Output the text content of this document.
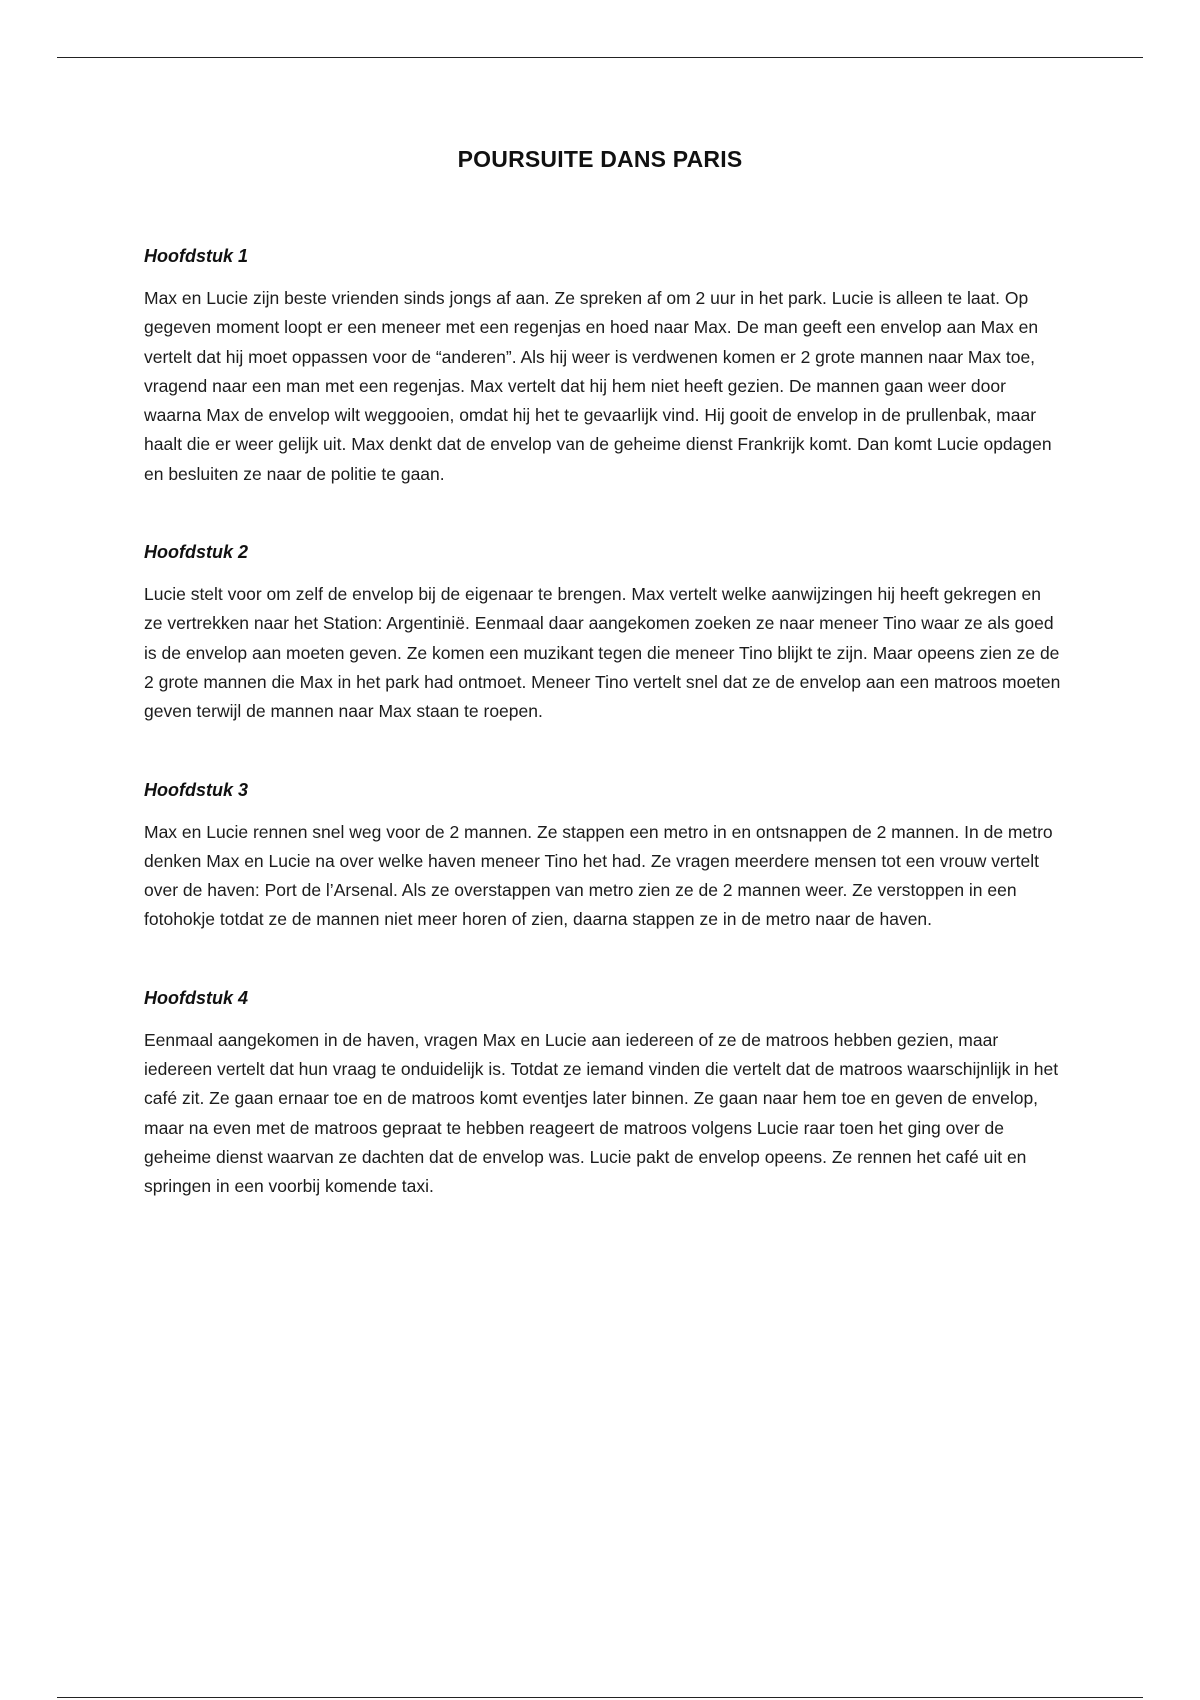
POURSUITE DANS PARIS
Hoofdstuk 1

Max en Lucie zijn beste vrienden sinds jongs af aan. Ze spreken af om 2 uur in het park. Lucie is alleen te laat. Op gegeven moment loopt er een meneer met een regenjas en hoed naar Max. De man geeft een envelop aan Max en vertelt dat hij moet oppassen voor de “anderen”. Als hij weer is verdwenen komen er 2 grote mannen naar Max toe, vragend naar een man met een regenjas. Max vertelt dat hij hem niet heeft gezien. De mannen gaan weer door waarna Max de envelop wilt weggooien, omdat hij het te gevaarlijk vind. Hij gooit de envelop in de prullenbak, maar haalt die er weer gelijk uit. Max denkt dat de envelop van de geheime dienst Frankrijk komt. Dan komt Lucie opdagen en besluiten ze naar de politie te gaan.

Hoofdstuk 2

Lucie stelt voor om zelf de envelop bij de eigenaar te brengen. Max vertelt welke aanwijzingen hij heeft gekregen en ze vertrekken naar het Station: Argentinië. Eenmaal daar aangekomen zoeken ze naar meneer Tino waar ze als goed is de envelop aan moeten geven. Ze komen een muzikant tegen die meneer Tino blijkt te zijn. Maar opeens zien ze de 2 grote mannen die Max in het park had ontmoet. Meneer Tino vertelt snel dat ze de envelop aan een matroos moeten geven terwijl de mannen naar Max staan te roepen.

Hoofdstuk 3

Max en Lucie rennen snel weg voor de 2 mannen. Ze stappen een metro in en ontsnappen de 2 mannen. In de metro denken Max en Lucie na over welke haven meneer Tino het had. Ze vragen meerdere mensen tot een vrouw vertelt over de haven: Port de l’Arsenal. Als ze overstappen van metro zien ze de 2 mannen weer. Ze verstoppen in een fotohokje totdat ze de mannen niet meer horen of zien, daarna stappen ze in de metro naar de haven.

Hoofdstuk 4

Eenmaal aangekomen in de haven, vragen Max en Lucie aan iedereen of ze de matroos hebben gezien, maar iedereen vertelt dat hun vraag te onduidelijk is. Totdat ze iemand vinden die vertelt dat de matroos waarschijnlijk in het café zit. Ze gaan ernaar toe en de matroos komt eventjes later binnen. Ze gaan naar hem toe en geven de envelop, maar na even met de matroos gepraat te hebben reageert de matroos volgens Lucie raar toen het ging over de geheime dienst waarvan ze dachten dat de envelop was. Lucie pakt de envelop opeens. Ze rennen het café uit en springen in een voorbij komende taxi.
